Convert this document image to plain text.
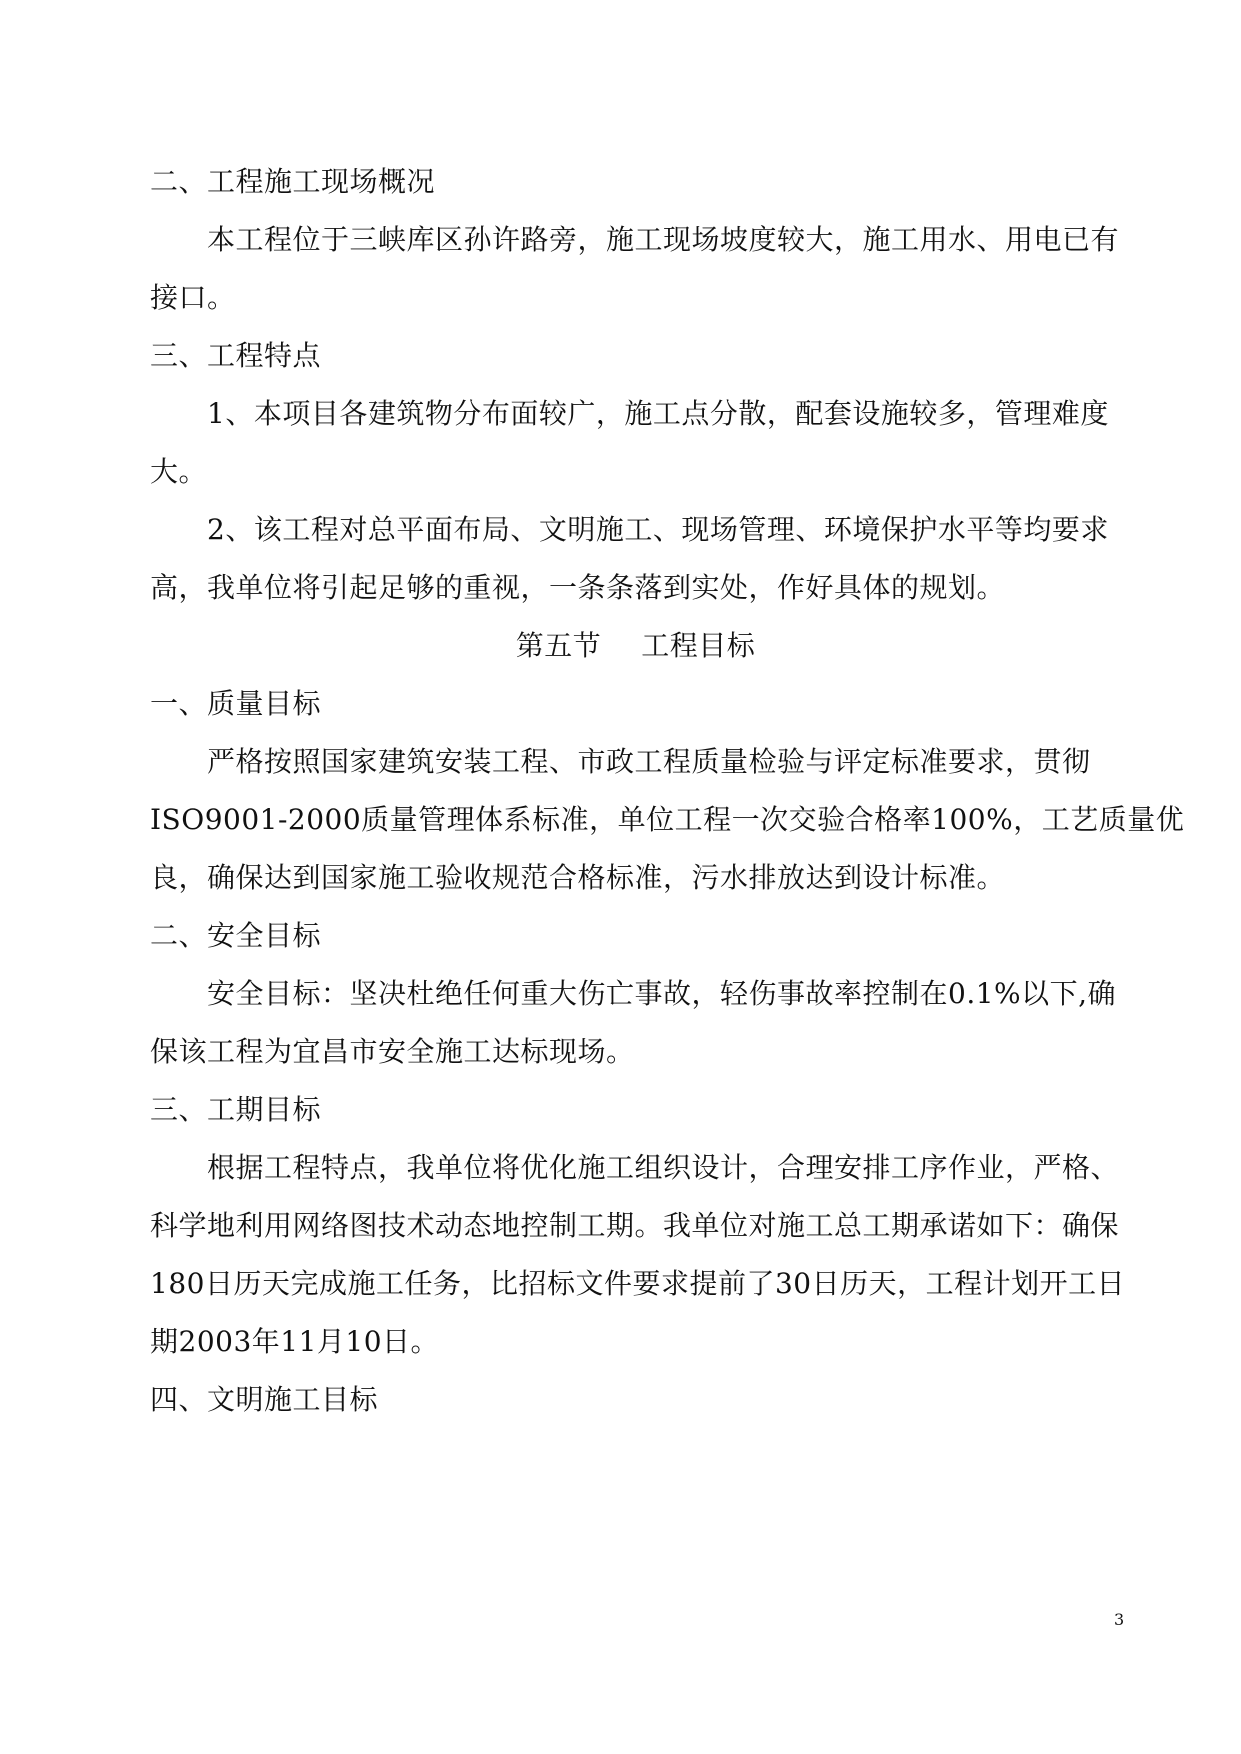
二、工程施工现场概况
本工程位于三峡库区孙许路旁，施工现场坡度较大，施工用水、用电已有
接口。
三、工程特点
1、本项目各建筑物分布面较广，施工点分散，配套设施较多，管理难度
大。
2、该工程对总平面布局、文明施工、现场管理、环境保护水平等均要求
高，我单位将引起足够的重视，一条条落到实处，作好具体的规划。
第五节 工程目标
一、质量目标
严格按照国家建筑安装工程、市政工程质量检验与评定标准要求，贯彻
ISO9001-2000质量管理体系标准，单位工程一次交验合格率100%，工艺质量优
良，确保达到国家施工验收规范合格标准，污水排放达到设计标准。
二、安全目标
安全目标：坚决杜绝任何重大伤亡事故，轻伤事故率控制在0.1%以下,确
保该工程为宜昌市安全施工达标现场。
三、工期目标
根据工程特点，我单位将优化施工组织设计，合理安排工序作业，严格、
科学地利用网络图技术动态地控制工期。我单位对施工总工期承诺如下：确保
180日历天完成施工任务，比招标文件要求提前了30日历天，工程计划开工日
期2003年11月10日。
四、文明施工目标
3
